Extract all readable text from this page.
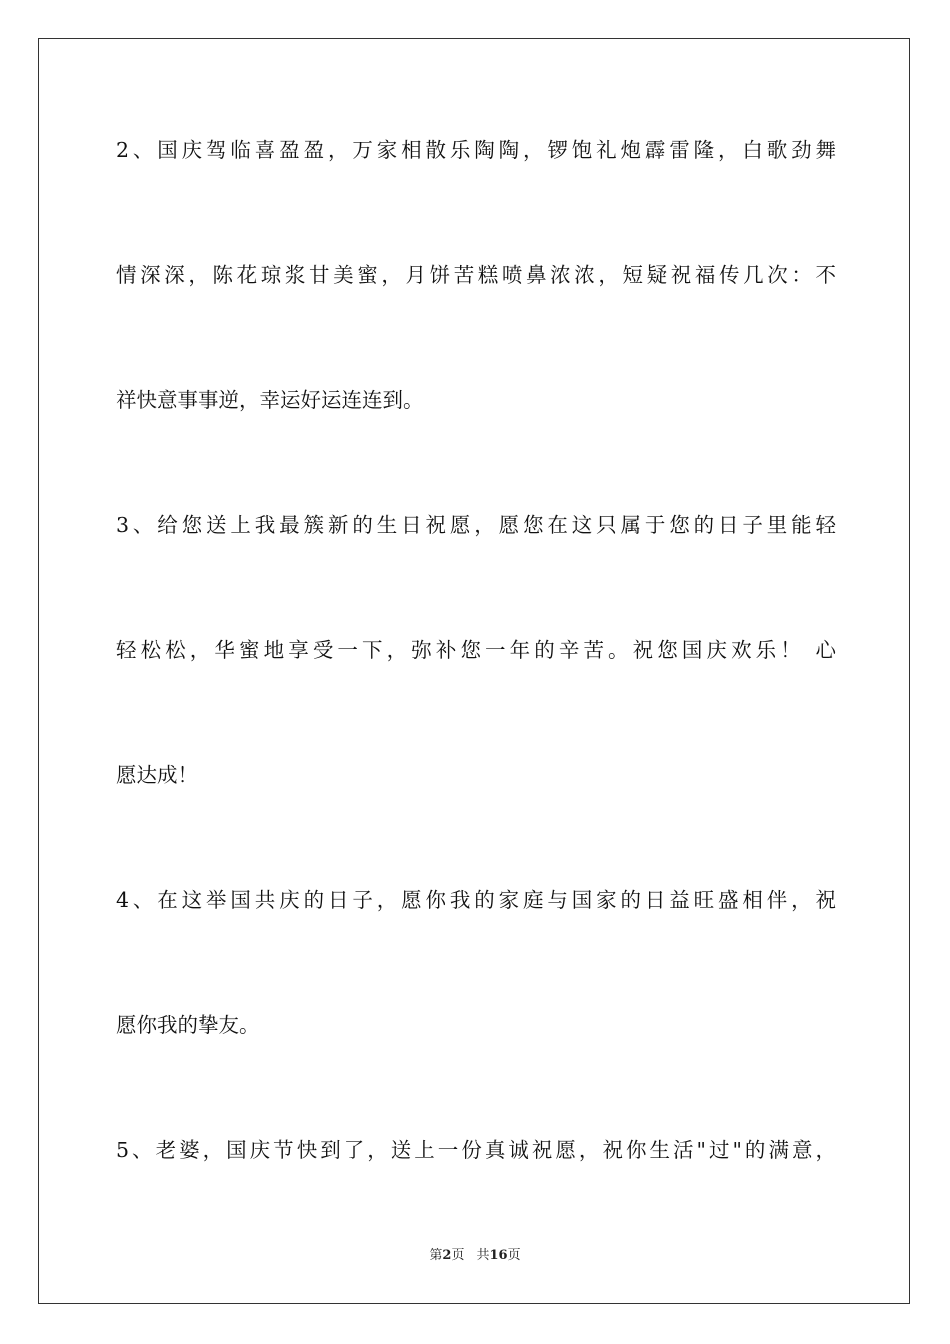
2、国庆驾临喜盈盈，万家相散乐陶陶，锣饱礼炮霹雷隆，白歌劲舞
情深深，陈花琼浆甘美蜜，月饼苦糕喷鼻浓浓，短疑祝福传几次：不
祥快意事事逆，幸运好运连连到。
3、给您送上我最簇新的生日祝愿，愿您在这只属于您的日子里能轻
轻松松，华蜜地享受一下，弥补您一年的辛苦。祝您国庆欢乐！ 心
愿达成！
4、在这举国共庆的日子，愿你我的家庭与国家的日益旺盛相伴，祝
愿你我的挚友。
5、老婆，国庆节快到了，送上一份真诚祝愿，祝你生活"过"的满意，
第2页 共16页
